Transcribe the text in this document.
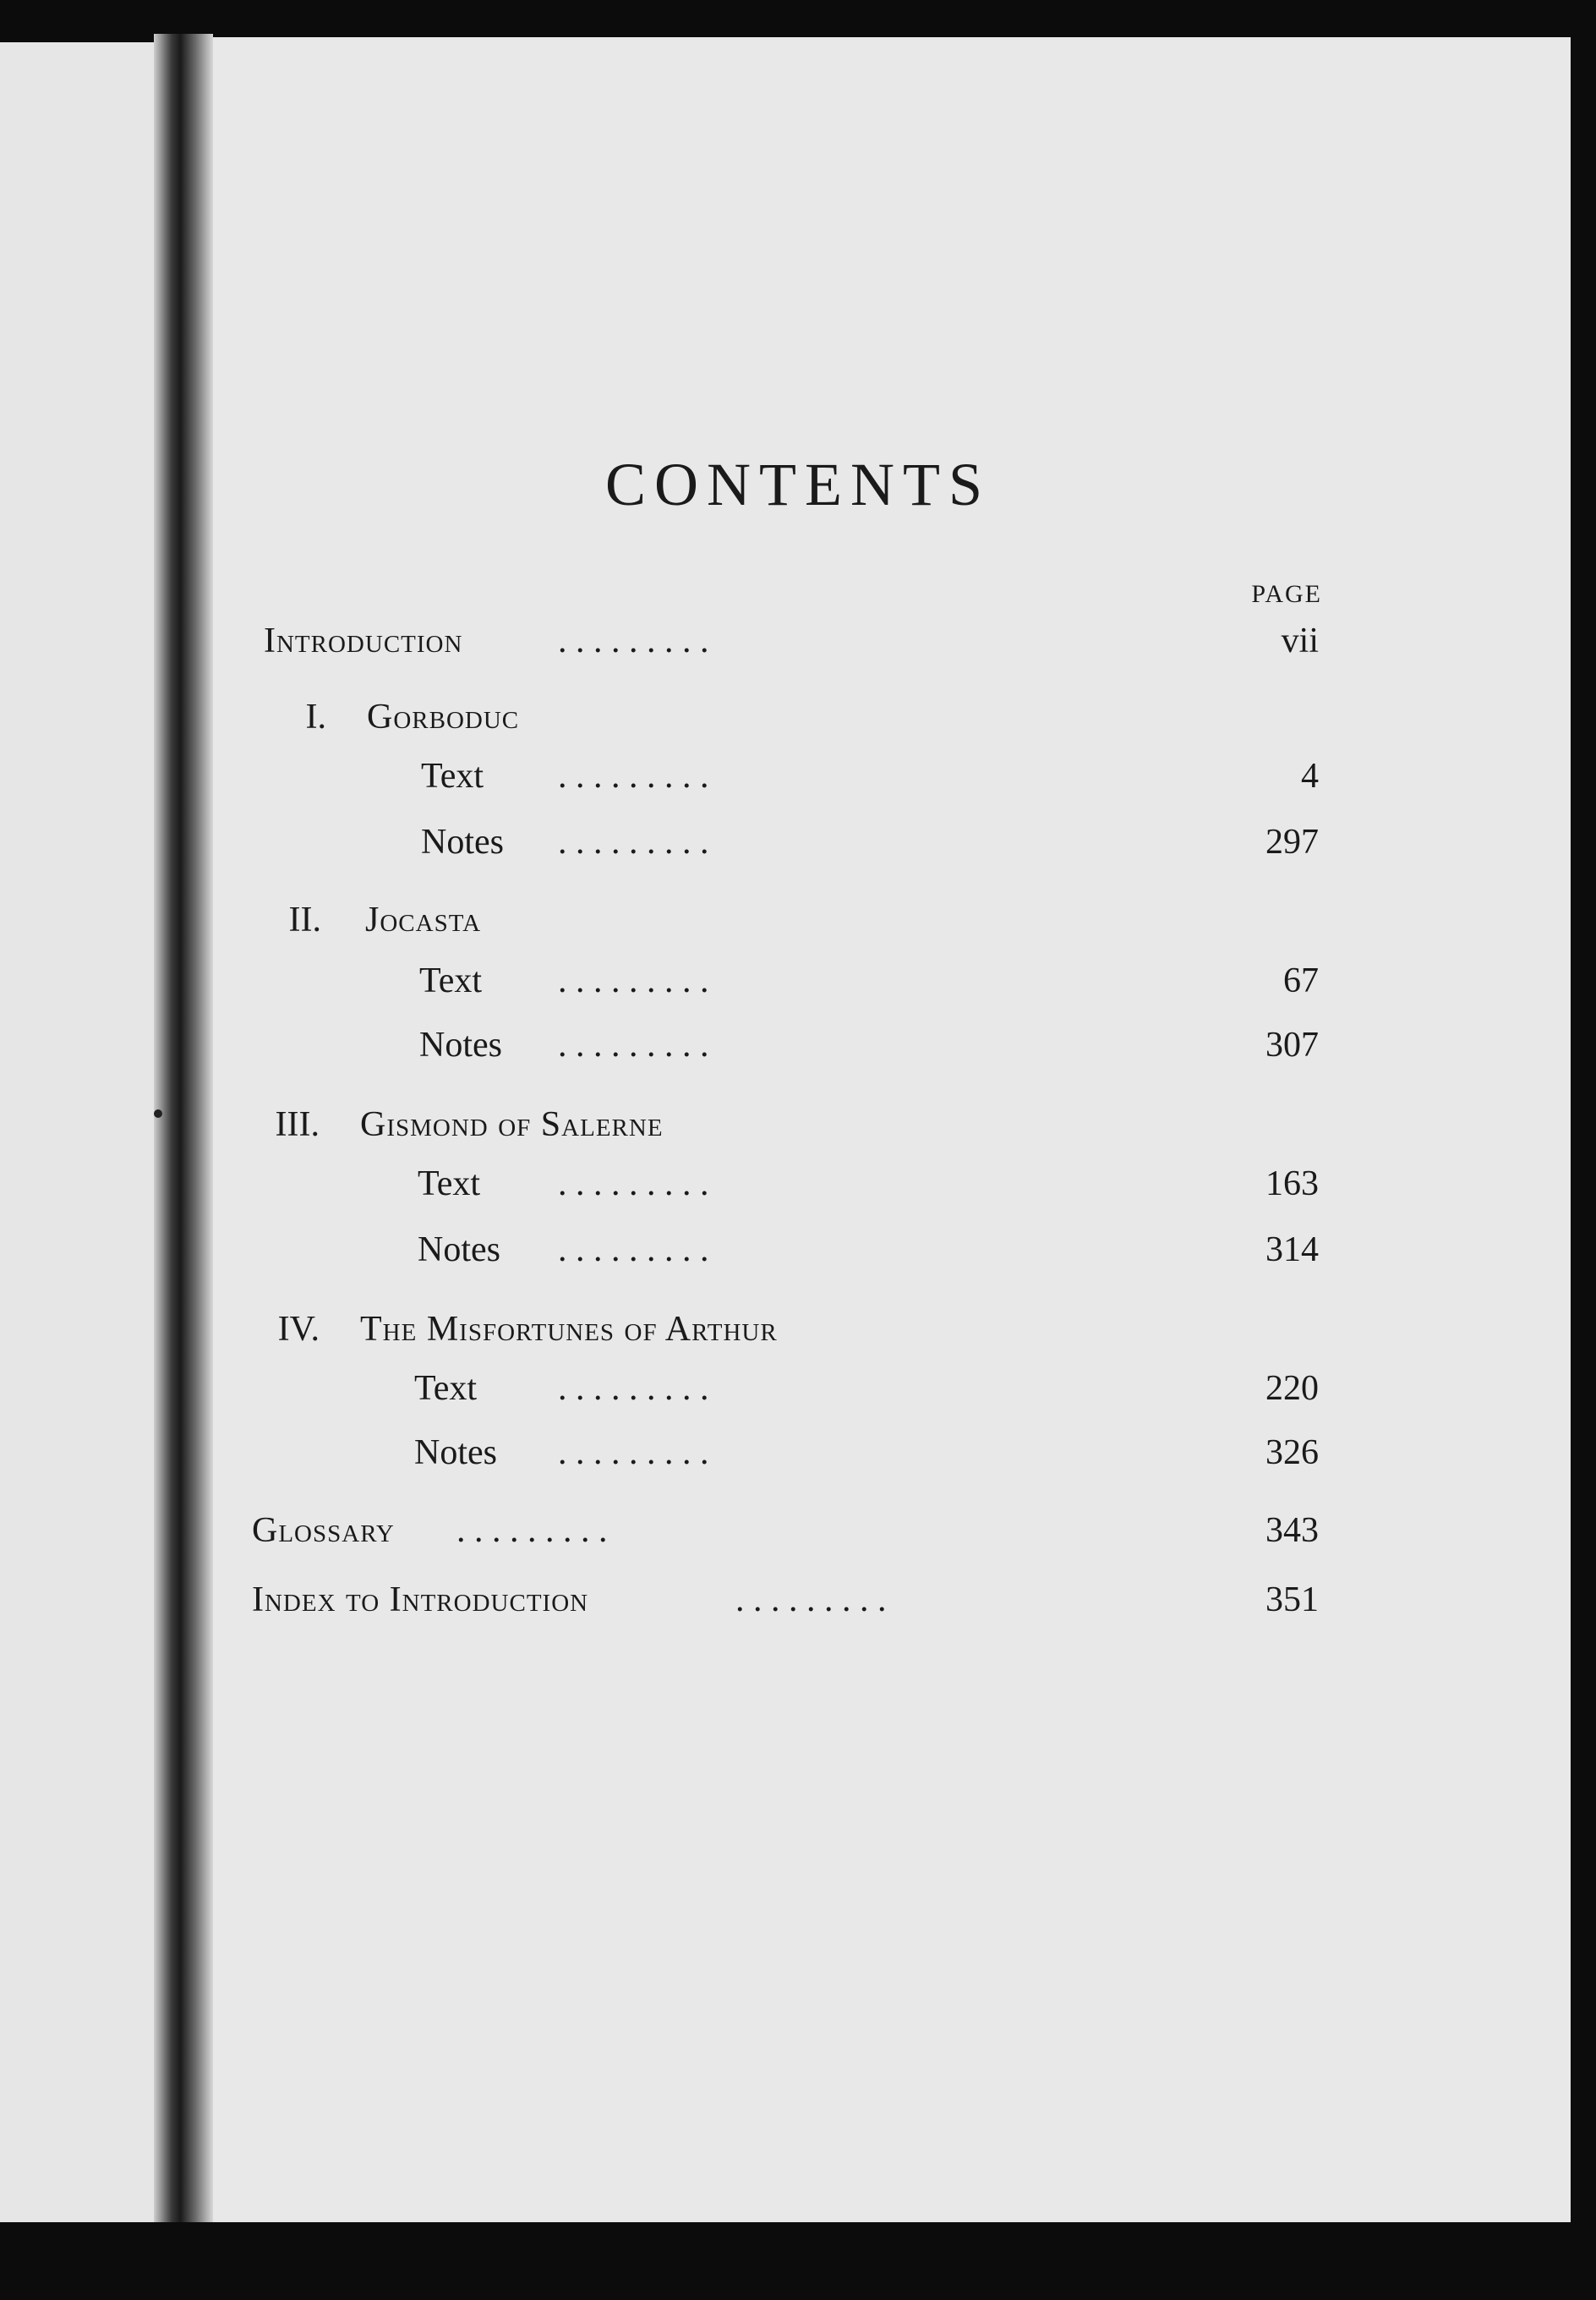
CONTENTS
PAGE
Introduction	. . . . . . . . .	vii
I. Gorboduc
Text . . . . . . . . .	4
Notes . . . . . . . . .	297
II. Jocasta
Text . . . . . . . . .	67
Notes . . . . . . . . .	307
III. Gismond of Salerne
Text . . . . . . . . .	163
Notes . . . . . . . . .	314
IV. The Misfortunes of Arthur
Text . . . . . . . . .	220
Notes . . . . . . . . .	326
Glossary . . . . . . . . .	343
Index to Introduction	. . . . . . . . .	351
